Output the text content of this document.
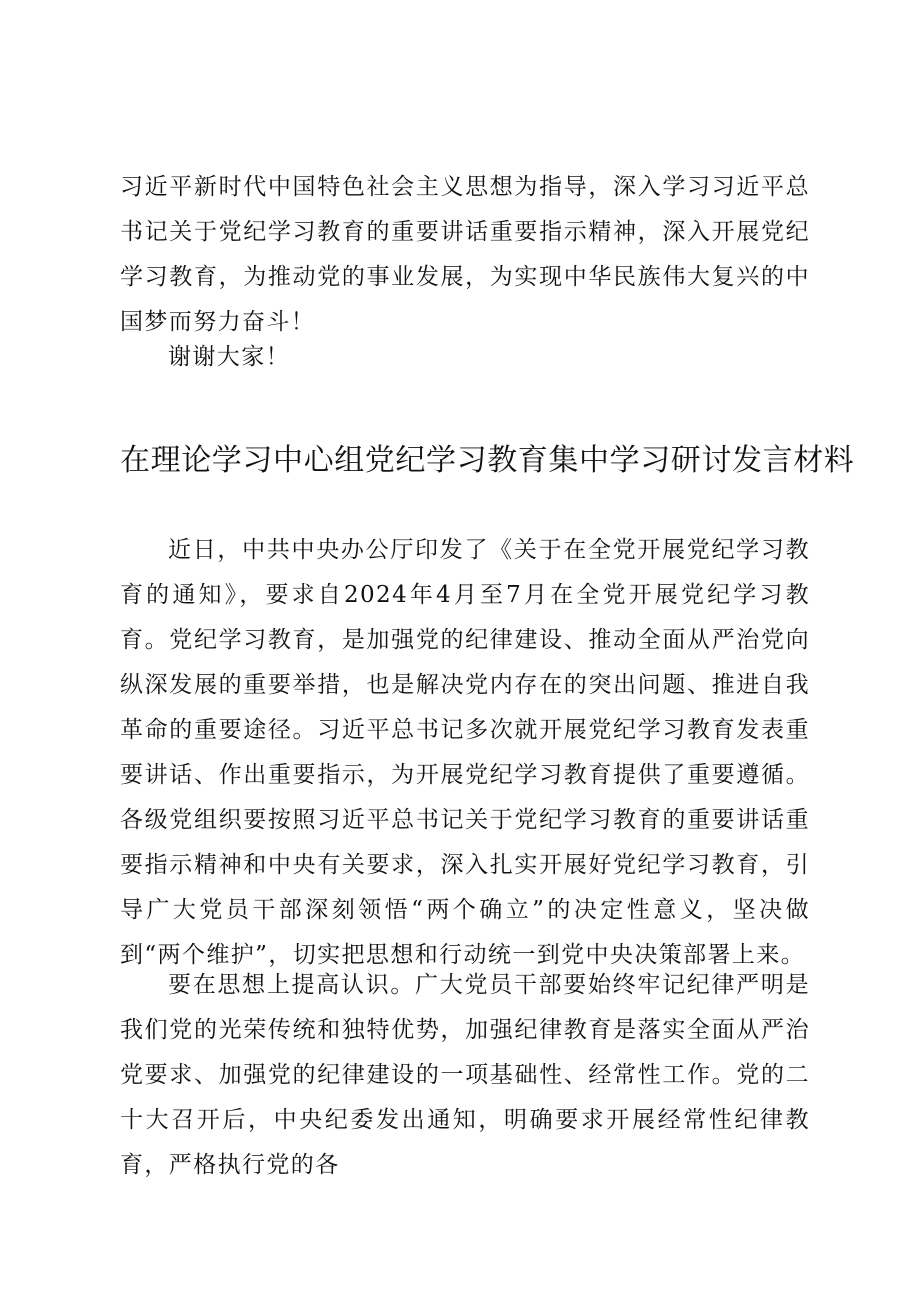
习近平新时代中国特色社会主义思想为指导，深入学习习近平总书记关于党纪学习教育的重要讲话重要指示精神，深入开展党纪学习教育，为推动党的事业发展，为实现中华民族伟大复兴的中国梦而努力奋斗！

谢谢大家！

在理论学习中心组党纪学习教育集中学习研讨发言材料

近日，中共中央办公厅印发了《关于在全党开展党纪学习教育的通知》，要求自2024年4月至7月在全党开展党纪学习教育。党纪学习教育，是加强党的纪律建设、推动全面从严治党向纵深发展的重要举措，也是解决党内存在的突出问题、推进自我革命的重要途径。习近平总书记多次就开展党纪学习教育发表重要讲话、作出重要指示，为开展党纪学习教育提供了重要遵循。各级党组织要按照习近平总书记关于党纪学习教育的重要讲话重要指示精神和中央有关要求，深入扎实开展好党纪学习教育，引导广大党员干部深刻领悟“两个确立”的决定性意义，坚决做到“两个维护”，切实把思想和行动统一到党中央决策部署上来。

要在思想上提高认识。广大党员干部要始终牢记纪律严明是我们党的光荣传统和独特优势，加强纪律教育是落实全面从严治党要求、加强党的纪律建设的一项基础性、经常性工作。党的二十大召开后，中央纪委发出通知，明确要求开展经常性纪律教育，严格执行党的各
